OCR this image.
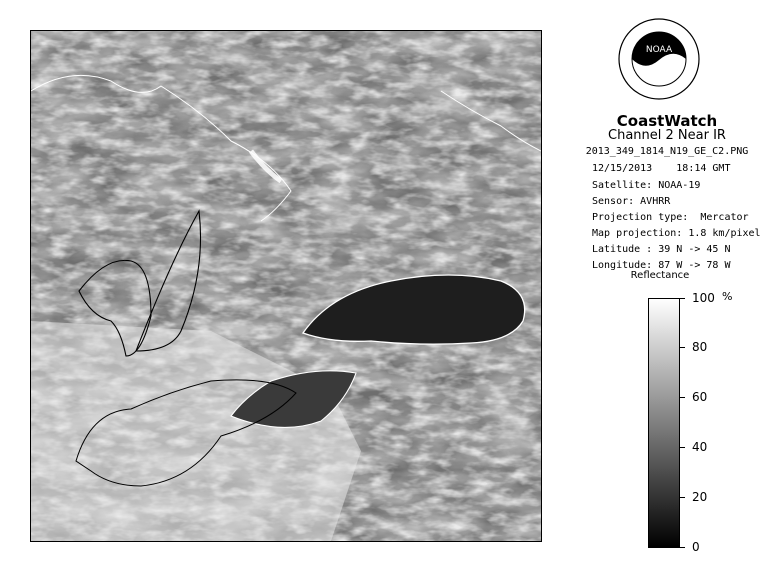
NOAA
CoastWatch
Channel 2 Near IR
2013_349_1814_N19_GE_C2.PNG
12/15/2013    18:14 GMT
Satellite: NOAA-19
Sensor: AVHRR
Projection type:  Mercator
Map projection: 1.8 km/pixel
Latitude : 39 N -> 45 N
Longitude: 87 W -> 78 W
Reflectance
%
100
80
60
40
20
0
